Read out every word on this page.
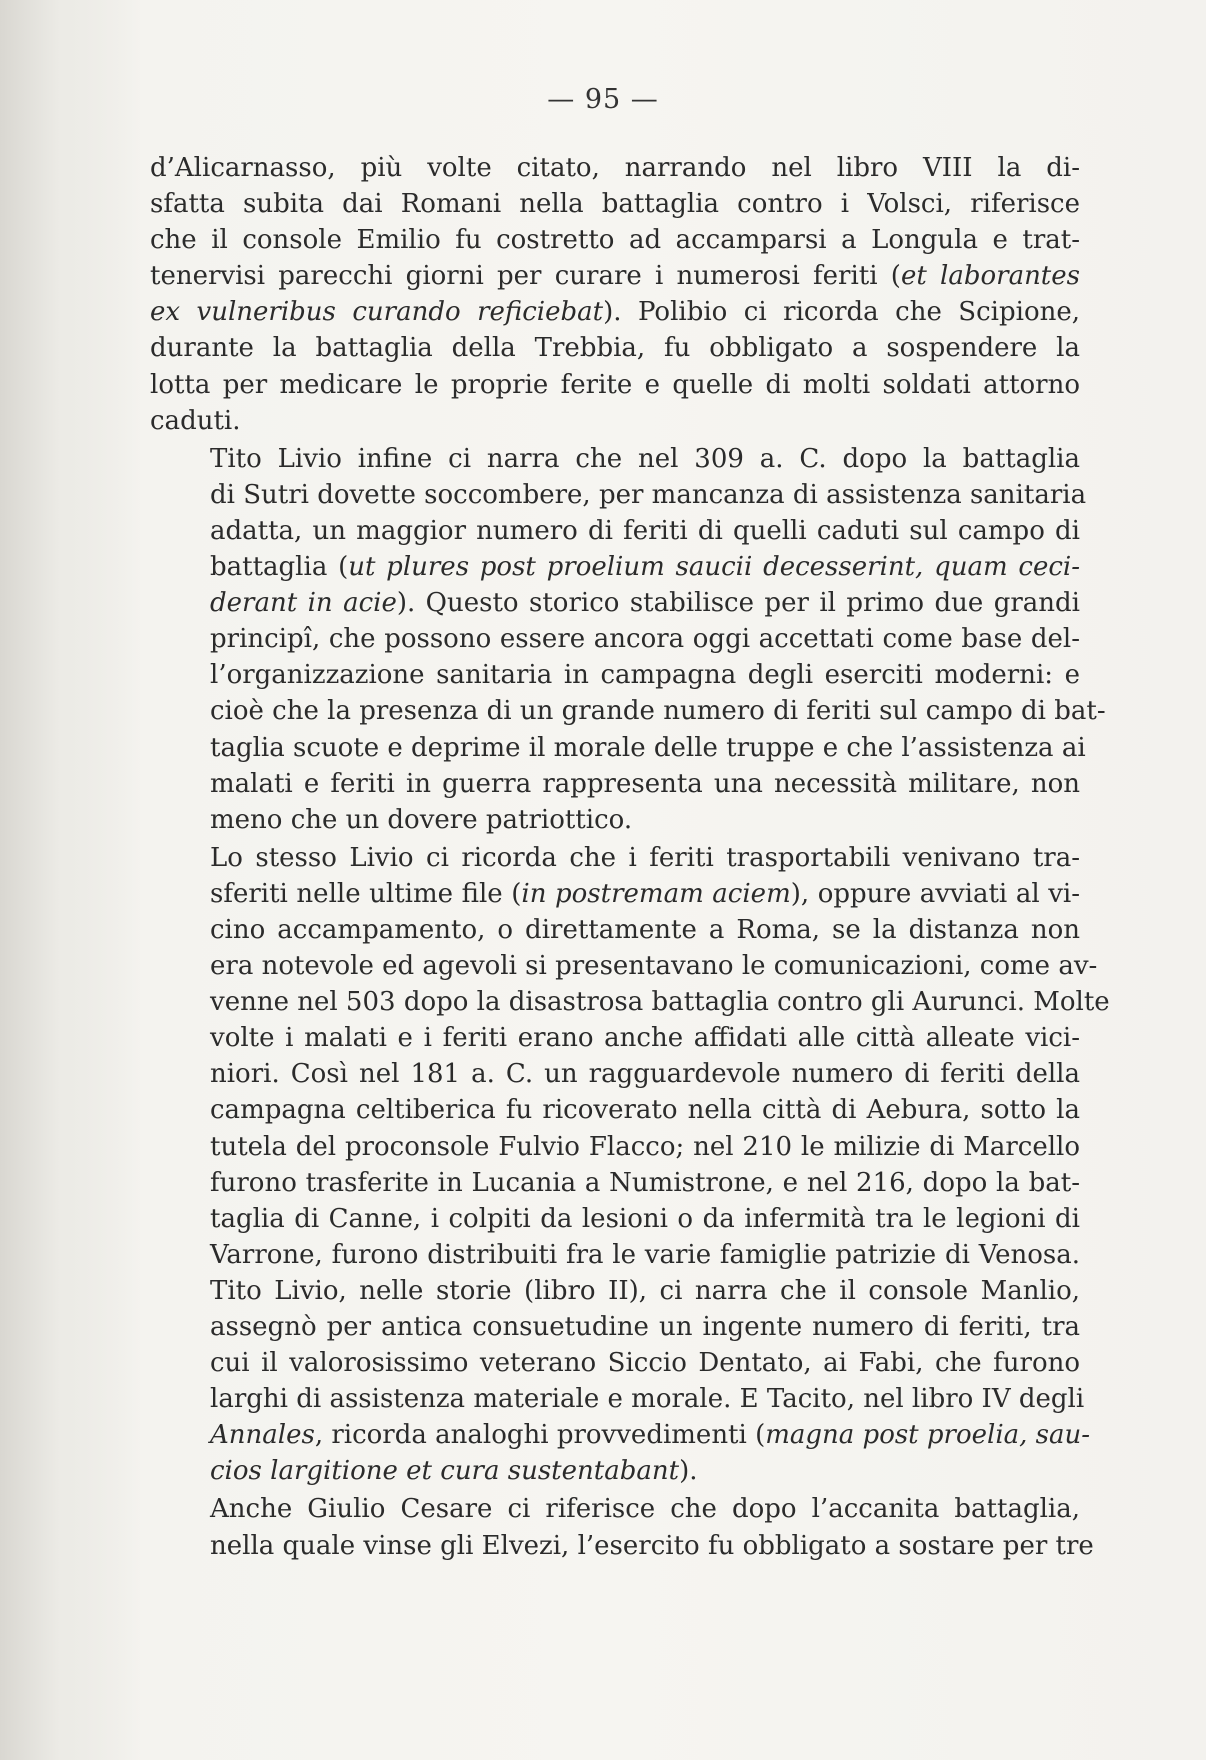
— 95 —

d’Alicarnasso, più volte citato, narrando nel libro VIII la di-
sfatta subita dai Romani nella battaglia contro i Volsci, riferisce
che il console Emilio fu costretto ad accamparsi a Longula e trat-
tenervisi parecchi giorni per curare i numerosi feriti (et laborantes
ex vulneribus curando reficiebat). Polibio ci ricorda che Scipione,
durante la battaglia della Trebbia, fu obbligato a sospendere la
lotta per medicare le proprie ferite e quelle di molti soldati attorno
caduti.

Tito Livio infine ci narra che nel 309 a. C. dopo la battaglia
di Sutri dovette soccombere, per mancanza di assistenza sanitaria
adatta, un maggior numero di feriti di quelli caduti sul campo di
battaglia (ut plures post proelium saucii decesserint, quam ceci-
derant in acie). Questo storico stabilisce per il primo due grandi
principî, che possono essere ancora oggi accettati come base del-
l’organizzazione sanitaria in campagna degli eserciti moderni: e
cioè che la presenza di un grande numero di feriti sul campo di bat-
taglia scuote e deprime il morale delle truppe e che l’assistenza ai
malati e feriti in guerra rappresenta una necessità militare, non
meno che un dovere patriottico.

Lo stesso Livio ci ricorda che i feriti trasportabili venivano tra-
sferiti nelle ultime file (in postremam aciem), oppure avviati al vi-
cino accampamento, o direttamente a Roma, se la distanza non
era notevole ed agevoli si presentavano le comunicazioni, come av-
venne nel 503 dopo la disastrosa battaglia contro gli Aurunci. Molte
volte i malati e i feriti erano anche affidati alle città alleate vici-
niori. Così nel 181 a. C. un ragguardevole numero di feriti della
campagna celtiberica fu ricoverato nella città di Aebura, sotto la
tutela del proconsole Fulvio Flacco; nel 210 le milizie di Marcello
furono trasferite in Lucania a Numistrone, e nel 216, dopo la bat-
taglia di Canne, i colpiti da lesioni o da infermità tra le legioni di
Varrone, furono distribuiti fra le varie famiglie patrizie di Venosa.
Tito Livio, nelle storie (libro II), ci narra che il console Manlio,
assegnò per antica consuetudine un ingente numero di feriti, tra
cui il valorosissimo veterano Siccio Dentato, ai Fabi, che furono
larghi di assistenza materiale e morale. E Tacito, nel libro IV degli
Annales, ricorda analoghi provvedimenti (magna post proelia, sau-
cios largitione et cura sustentabant).

Anche Giulio Cesare ci riferisce che dopo l’accanita battaglia,
nella quale vinse gli Elvezi, l’esercito fu obbligato a sostare per tre
